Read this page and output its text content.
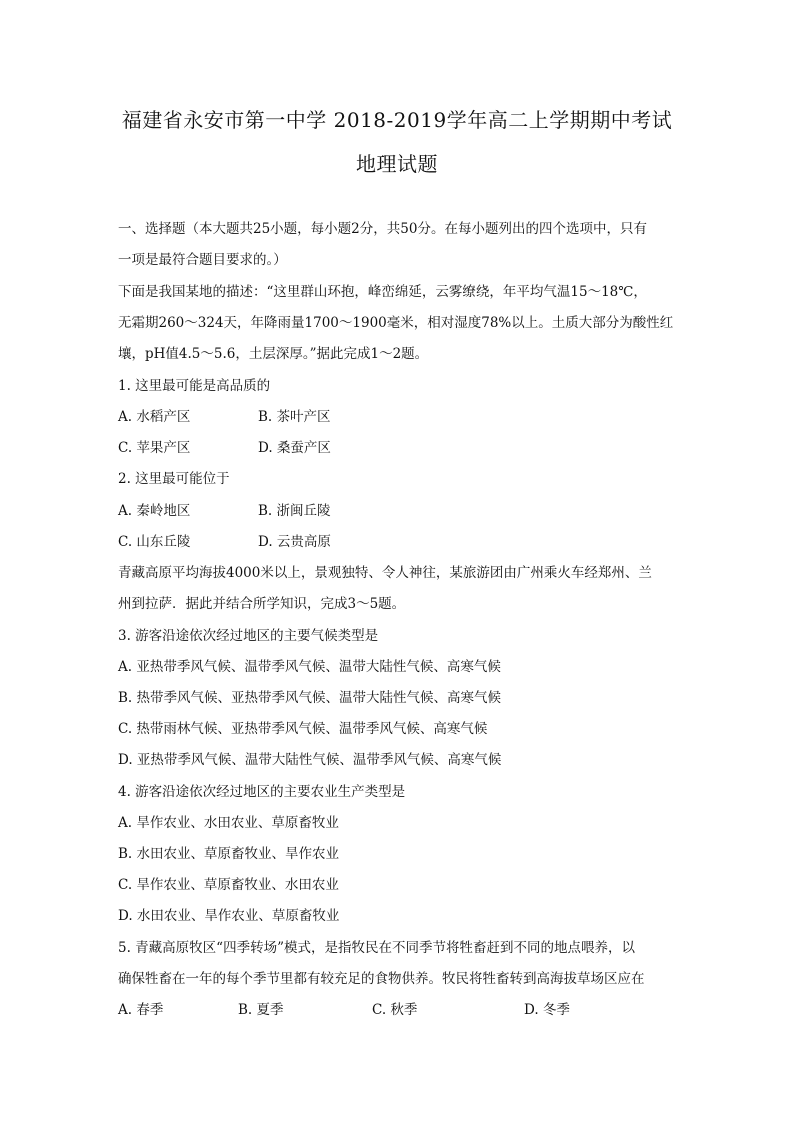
福建省永安市第一中学 2018-2019学年高二上学期期中考试
地理试题
一、选择题（本大题共25小题，每小题2分，共50分。在每小题列出的四个选项中，只有
一项是最符合题目要求的。）
下面是我国某地的描述：“这里群山环抱，峰峦绵延，云雾缭绕，年平均气温15～18℃，
无霜期260～324天，年降雨量1700～1900毫米，相对湿度78%以上。土质大部分为酸性红
壤，pH值4.5～5.6，土层深厚。”据此完成1～2题。
1. 这里最可能是高品质的
A. 水稻产区	B. 茶叶产区
C. 苹果产区	D. 桑蚕产区
2. 这里最可能位于
A. 秦岭地区	B. 浙闽丘陵
C. 山东丘陵	D. 云贵高原
青藏高原平均海拔4000米以上，景观独特、令人神往，某旅游团由广州乘火车经郑州、兰
州到拉萨．据此并结合所学知识，完成3～5题。
3. 游客沿途依次经过地区的主要气候类型是
A. 亚热带季风气候、温带季风气候、温带大陆性气候、高寒气候
B. 热带季风气候、亚热带季风气候、温带大陆性气候、高寒气候
C. 热带雨林气候、亚热带季风气候、温带季风气候、高寒气候
D. 亚热带季风气候、温带大陆性气候、温带季风气候、高寒气候
4. 游客沿途依次经过地区的主要农业生产类型是
A. 旱作农业、水田农业、草原畜牧业
B. 水田农业、草原畜牧业、旱作农业
C. 旱作农业、草原畜牧业、水田农业
D. 水田农业、旱作农业、草原畜牧业
5. 青藏高原牧区“四季转场”模式，是指牧民在不同季节将牲畜赶到不同的地点喂养，以
确保牲畜在一年的每个季节里都有较充足的食物供养。牧民将牲畜转到高海拔草场区应在
A. 春季	B. 夏季	C. 秋季	D. 冬季
